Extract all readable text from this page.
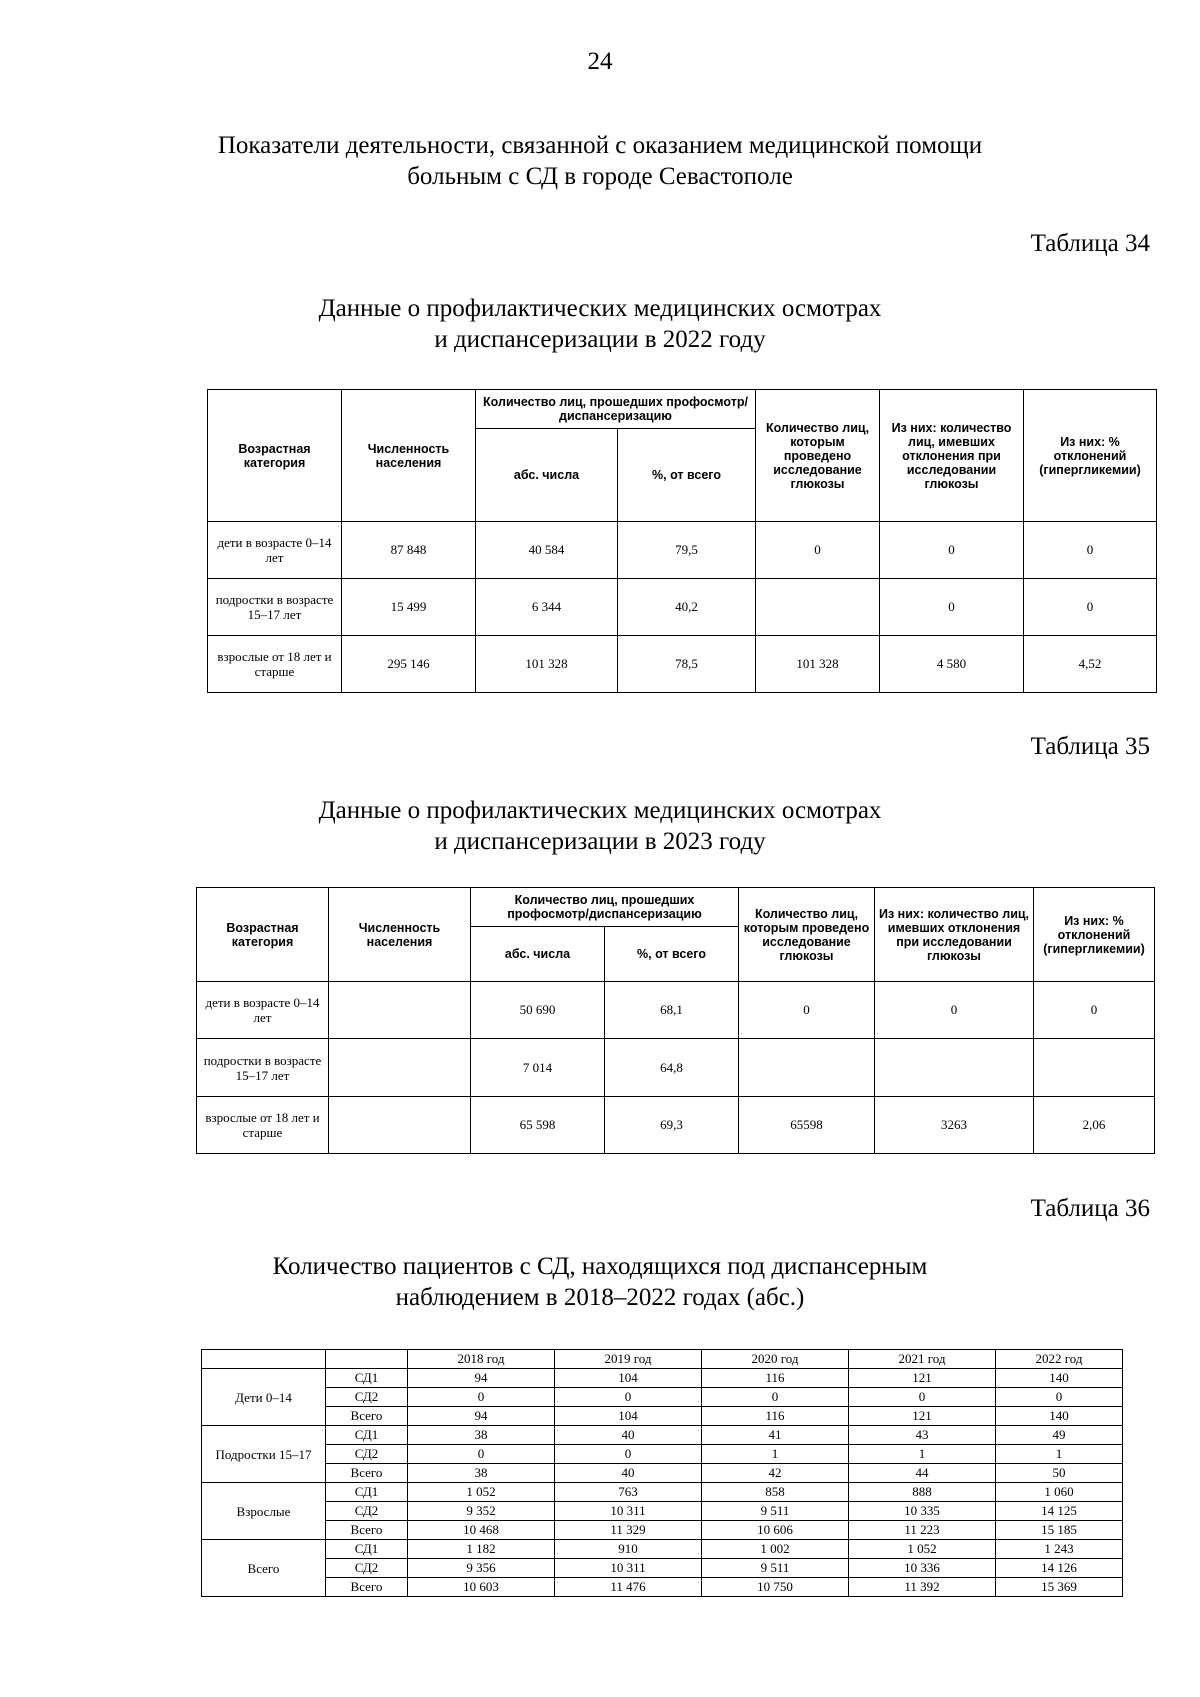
24
Показатели деятельности, связанной с оказанием медицинской помощи
больным с СД в городе Севастополе
Таблица 34
Данные о профилактических медицинских осмотрах
и диспансеризации в 2022 году
Возрастная категория	Численность населения	Количество лиц, прошедших профосмотр/диспансеризацию		Количество лиц, которым проведено исследование глюкозы	Из них: количество лиц, имевших отклонения при исследовании глюкозы	Из них: % отклонений (гипергликемии)
		абс. числа	%, от всего			
дети в возрасте 0–14 лет	87 848	40 584	79,5	0	0	0
подростки в возрасте 15–17 лет	15 499	6 344	40,2		0	0
взрослые от 18 лет и старше	295 146	101 328	78,5	101 328	4 580	4,52
Таблица 35
Данные о профилактических медицинских осмотрах
и диспансеризации в 2023 году
Возрастная категория	Численность населения	Количество лиц, прошедших профосмотр/диспансеризацию		Количество лиц, которым проведено исследование глюкозы	Из них: количество лиц, имевших отклонения при исследовании глюкозы	Из них: % отклонений (гипергликемии)
		абс. числа	%, от всего			
дети в возрасте 0–14 лет		50 690	68,1	0	0	0
подростки в возрасте 15–17 лет		7 014	64,8			
взрослые от 18 лет и старше		65 598	69,3	65598	3263	2,06
Таблица 36
Количество пациентов с СД, находящихся под диспансерным
наблюдением в 2018–2022 годах (абс.)
		2018 год	2019 год	2020 год	2021 год	2022 год
Дети 0–14	СД1	94	104	116	121	140
	СД2	0	0	0	0	0
	Всего	94	104	116	121	140
Подростки 15–17	СД1	38	40	41	43	49
	СД2	0	0	1	1	1
	Всего	38	40	42	44	50
Взрослые	СД1	1 052	763	858	888	1 060
	СД2	9 352	10 311	9 511	10 335	14 125
	Всего	10 468	11 329	10 606	11 223	15 185
Всего	СД1	1 182	910	1 002	1 052	1 243
	СД2	9 356	10 311	9 511	10 336	14 126
	Всего	10 603	11 476	10 750	11 392	15 369
